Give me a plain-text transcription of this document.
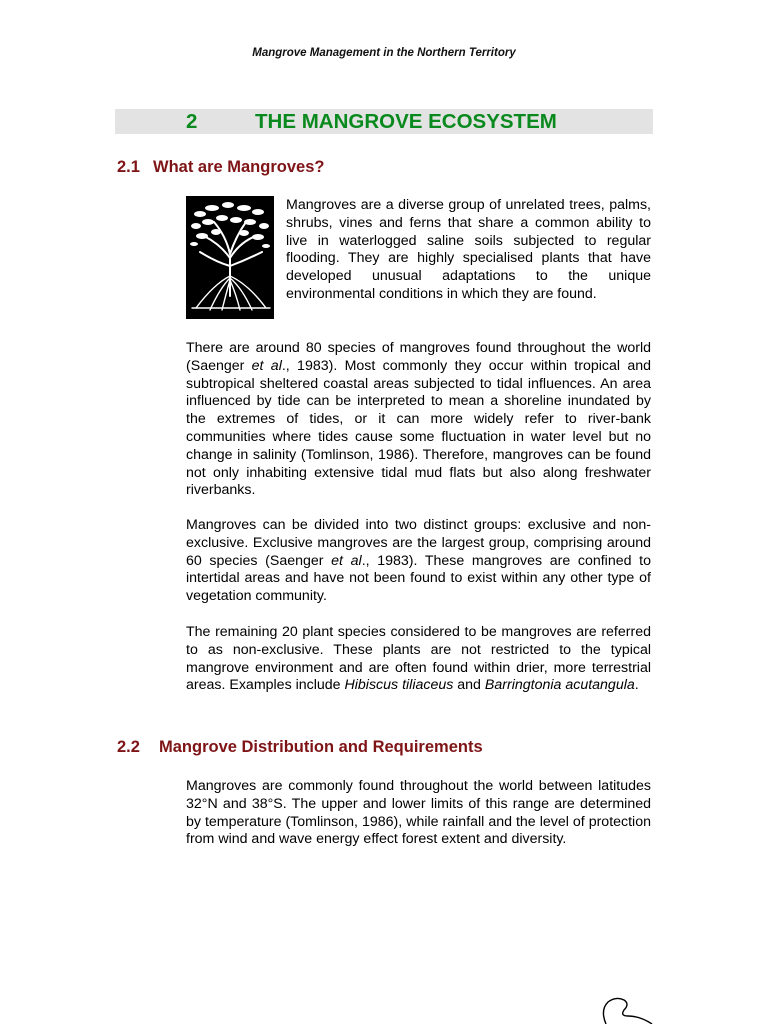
Mangrove Management in the Northern Territory
2	THE MANGROVE ECOSYSTEM
2.1 What are Mangroves?
Mangroves are a diverse group of unrelated trees, palms, shrubs, vines and ferns that share a common ability to live in waterlogged saline soils subjected to regular flooding. They are highly specialised plants that have developed unusual adaptations to the unique environmental conditions in which they are found.
There are around 80 species of mangroves found throughout the world (Saenger et al., 1983). Most commonly they occur within tropical and subtropical sheltered coastal areas subjected to tidal influences. An area influenced by tide can be interpreted to mean a shoreline inundated by the extremes of tides, or it can more widely refer to river-bank communities where tides cause some fluctuation in water level but no change in salinity (Tomlinson, 1986). Therefore, mangroves can be found not only inhabiting extensive tidal mud flats but also along freshwater riverbanks.
Mangroves can be divided into two distinct groups: exclusive and non-exclusive. Exclusive mangroves are the largest group, comprising around 60 species (Saenger et al., 1983). These mangroves are confined to intertidal areas and have not been found to exist within any other type of vegetation community.
The remaining 20 plant species considered to be mangroves are referred to as non-exclusive. These plants are not restricted to the typical mangrove environment and are often found within drier, more terrestrial areas. Examples include Hibiscus tiliaceus and Barringtonia acutangula.
2.2 Mangrove Distribution and Requirements
Mangroves are commonly found throughout the world between latitudes 32°N and 38°S. The upper and lower limits of this range are determined by temperature (Tomlinson, 1986), while rainfall and the level of protection from wind and wave energy effect forest extent and diversity.
